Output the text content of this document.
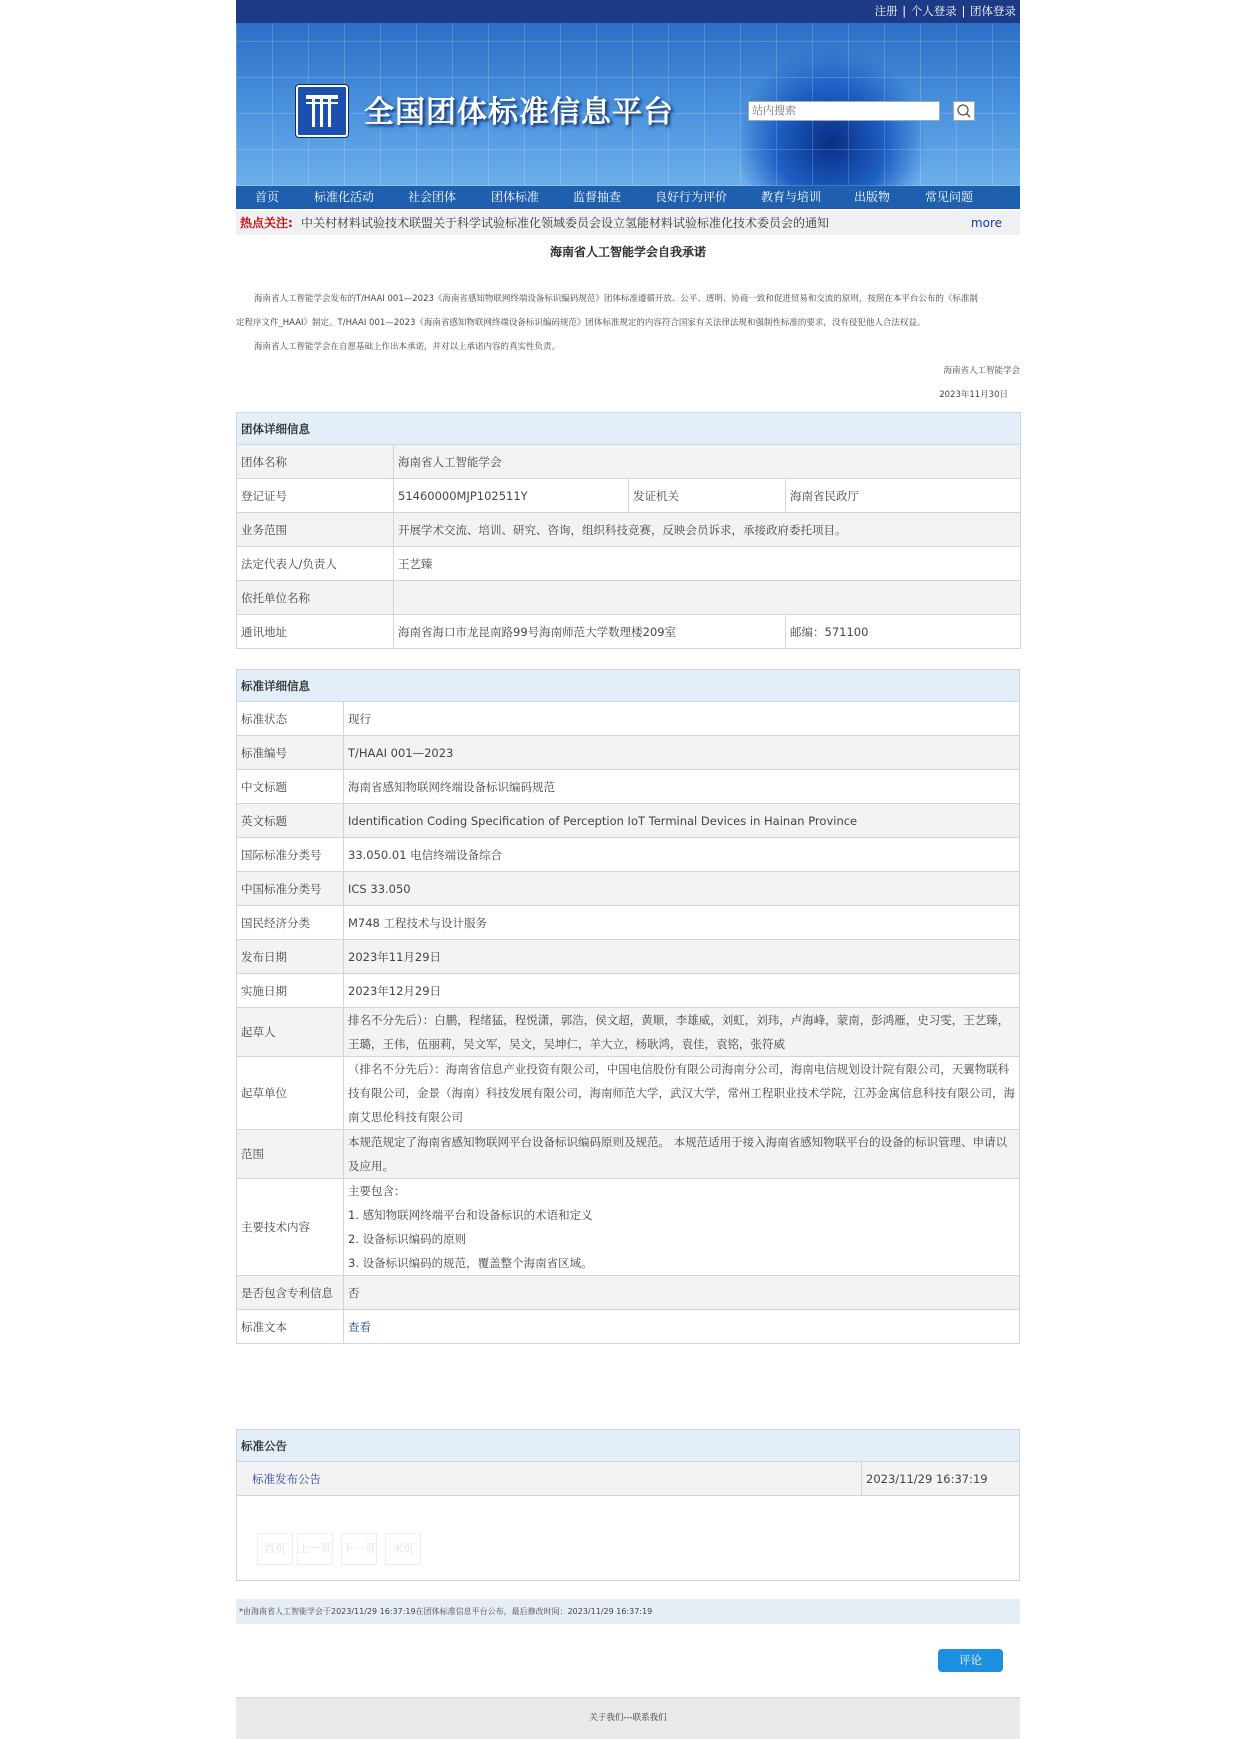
注册 | 个人登录 | 团体登录
全国团体标准信息平台
站内搜索
首页	标准化活动	社会团体	团体标准	监督抽查	良好行为评价	教育与培训	出版物	常见问题
热点关注: 中关村材料试验技术联盟关于科学试验标准化领域委员会设立氢能材料试验标准化技术委员会的通知	more
海南省人工智能学会自我承诺

海南省人工智能学会发布的T/HAAI 001—2023《海南省感知物联网终端设备标识编码规范》团体标准遵循开放、公平、透明、协商一致和促进贸易和交流的原则，按照在本平台公布的《标准制

定程序文件_HAAI》制定。T/HAAI 001—2023《海南省感知物联网终端设备标识编码规范》团体标准规定的内容符合国家有关法律法规和强制性标准的要求，没有侵犯他人合法权益。

海南省人工智能学会在自愿基础上作出本承诺，并对以上承诺内容的真实性负责。

海南省人工智能学会

2023年11月30日

团体详细信息			
团体名称	海南省人工智能学会		
登记证号	51460000MJP102511Y	发证机关	海南省民政厅
业务范围	开展学术交流、培训、研究、咨询，组织科技竞赛，反映会员诉求，承接政府委托项目。		
法定代表人/负责人	王艺臻		
依托单位名称			
通讯地址	海南省海口市龙昆南路99号海南师范大学数理楼209室		邮编：571100
标准详细信息	
标准状态	现行
标准编号	T/HAAI 001—2023
中文标题	海南省感知物联网终端设备标识编码规范
英文标题	Identification Coding Specification of Perception IoT Terminal Devices in Hainan Province
国际标准分类号	33.050.01 电信终端设备综合
中国标准分类号	ICS 33.050
国民经济分类	M748 工程技术与设计服务
发布日期	2023年11月29日
实施日期	2023年12月29日
起草人	排名不分先后）：白鹏，程绪猛，程悦潇，郭浩，侯文超，黄顺，李雄威，刘虹，刘玮，卢海峰，蒙南，彭鸿雁，史习雯，王艺臻，王璐，王伟，伍丽莉，吴文军，吴文，吴坤仁，羊大立，杨耿鸿，袁佳，袁铭，张符威
起草单位	（排名不分先后）：海南省信息产业投资有限公司，中国电信股份有限公司海南分公司，海南电信规划设计院有限公司，天翼物联科技有限公司，金景（海南）科技发展有限公司，海南师范大学，武汉大学，常州工程职业技术学院，江苏金寓信息科技有限公司，海南艾思伦科技有限公司
范围	本规范规定了海南省感知物联网平台设备标识编码原则及规范。 本规范适用于接入海南省感知物联平台的设备的标识管理、申请以及应用。
主要技术内容	主要包含：
1. 感知物联网终端平台和设备标识的术语和定义
2. 设备标识编码的原则
3. 设备标识编码的规范，覆盖整个海南省区域。

是否包含专利信息	否
标准文本	查看
标准公告
标准发布公告	2023/11/29 16:37:19

首页	上一页 下一页	末页
*由海南省人工智能学会于2023/11/29 16:37:19在团体标准信息平台公布，最后修改时间：2023/11/29 16:37:19
评论
关于我们---联系我们
